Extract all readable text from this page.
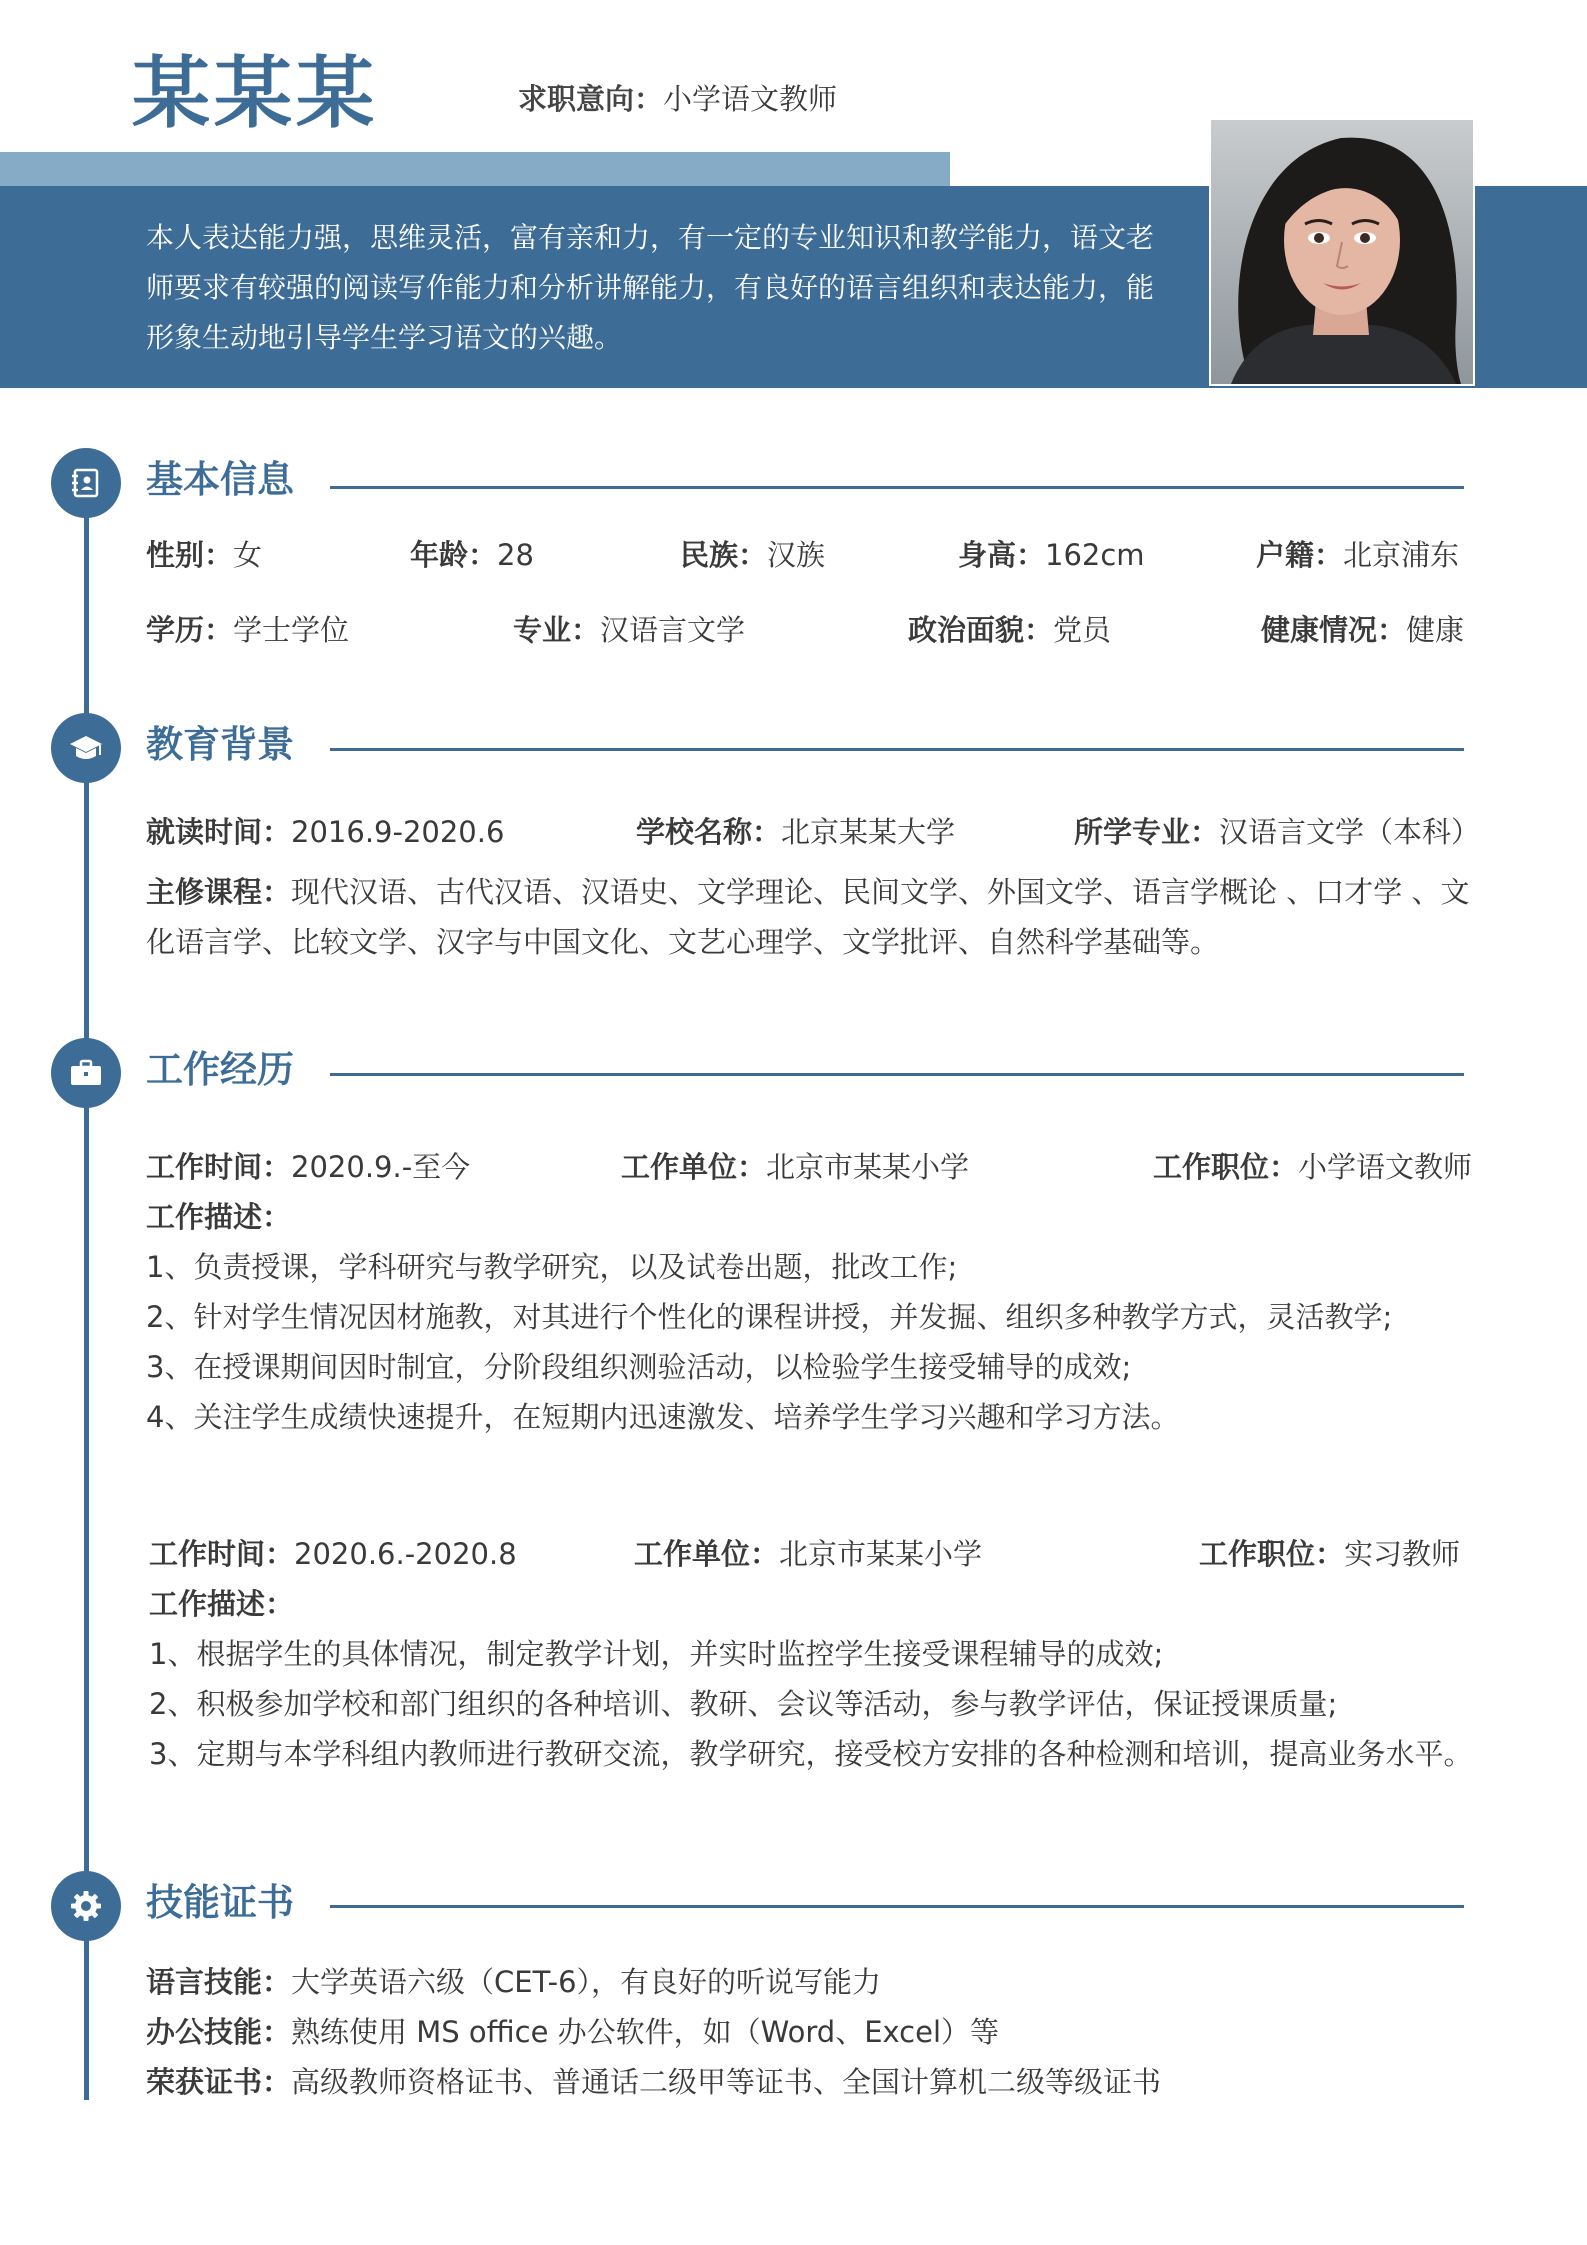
某某某	求职意向：小学语文教师
本人表达能力强，思维灵活，富有亲和力，有一定的专业知识和教学能力，语文老师要求有较强的阅读写作能力和分析讲解能力，有良好的语言组织和表达能力，能形象生动地引导学生学习语文的兴趣。
基本信息
性别：女	年龄：28	民族：汉族	身高：162cm	户籍：北京浦东
学历：学士学位	专业：汉语言文学	政治面貌：党员	健康情况：健康
教育背景
就读时间：2016.9-2020.6	学校名称：北京某某大学	所学专业：汉语言文学（本科）
主修课程：现代汉语、古代汉语、汉语史、文学理论、民间文学、外国文学、语言学概论 、口才学 、文化语言学、比较文学、汉字与中国文化、文艺心理学、文学批评、自然科学基础等。
工作经历
工作时间：2020.9.-至今	工作单位：北京市某某小学	工作职位：小学语文教师
工作描述：
1、负责授课，学科研究与教学研究，以及试卷出题，批改工作;
2、针对学生情况因材施教，对其进行个性化的课程讲授，并发掘、组织多种教学方式，灵活教学;
3、在授课期间因时制宜，分阶段组织测验活动，以检验学生接受辅导的成效;
4、关注学生成绩快速提升，在短期内迅速激发、培养学生学习兴趣和学习方法。
工作时间：2020.6.-2020.8	工作单位：北京市某某小学	工作职位：实习教师
工作描述：
1、根据学生的具体情况，制定教学计划，并实时监控学生接受课程辅导的成效;
2、积极参加学校和部门组织的各种培训、教研、会议等活动，参与教学评估，保证授课质量;
3、定期与本学科组内教师进行教研交流，教学研究，接受校方安排的各种检测和培训，提高业务水平。
技能证书
语言技能：大学英语六级（CET-6），有良好的听说写能力
办公技能：熟练使用 MS office 办公软件，如（Word、Excel）等
荣获证书：高级教师资格证书、普通话二级甲等证书、全国计算机二级等级证书
